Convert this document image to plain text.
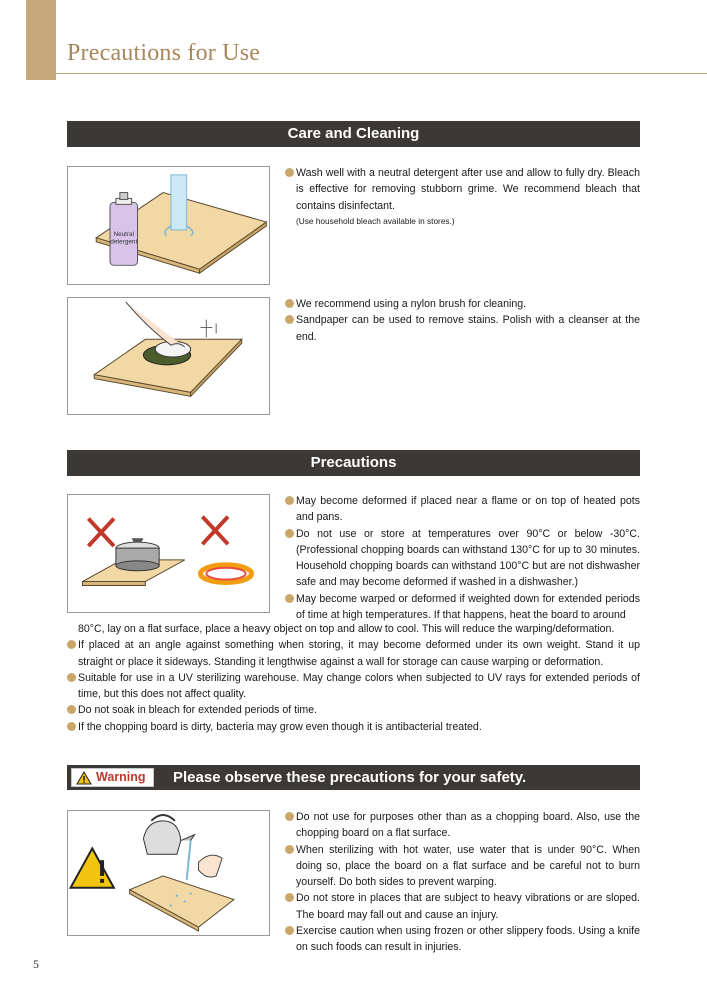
Precautions for Use
Care and Cleaning
Neutral
detergent

Wash well with a neutral detergent after use and allow to fully dry. Bleach is effective for removing stubborn grime. We recommend bleach that contains disinfectant.

(Use household bleach available in stores.)

We recommend using a nylon brush for cleaning.

Sandpaper can be used to remove stains. Polish with a cleanser at the end.

Precautions

May become deformed if placed near a flame or on top of heated pots and pans.

Do not use or store at temperatures over 90°C or below -30°C. (Professional chopping boards can withstand 130°C for up to 30 minutes. Household chopping boards can withstand 100°C but are not dishwasher safe and may become deformed if washed in a dishwasher.)

May become warped or deformed if weighted down for extended periods of time at high temperatures. If that happens, heat the board to around

80°C, lay on a flat surface, place a heavy object on top and allow to cool. This will reduce the warping/deformation.

If placed at an angle against something when storing, it may become deformed under its own weight. Stand it up straight or place it sideways. Standing it lengthwise against a wall for storage can cause warping or deformation.

Suitable for use in a UV sterilizing warehouse. May change colors when subjected to UV rays for extended periods of time, but this does not affect quality.

Do not soak in bleach for extended periods of time.

If the chopping board is dirty, bacteria may grow even though it is antibacterial treated.

Warning	Please observe these precautions for your safety.

Do not use for purposes other than as a chopping board. Also, use the chopping board on a flat surface.

When sterilizing with hot water, use water that is under 90°C. When doing so, place the board on a flat surface and be careful not to burn yourself. Do both sides to prevent warping.

Do not store in places that are subject to heavy vibrations or are sloped. The board may fall out and cause an injury.

Exercise caution when using frozen or other slippery foods. Using a knife on such foods can result in injuries.

5
